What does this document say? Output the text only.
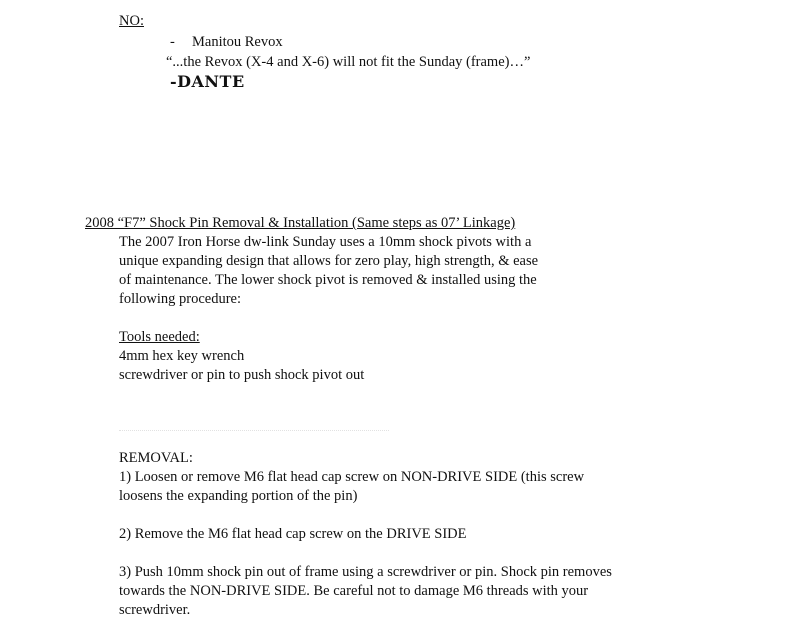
NO:
- Manitou Revox
“...the Revox (X-4 and X-6) will not fit the Sunday (frame)…”
-DANTE
2008 “F7” Shock Pin Removal & Installation (Same steps as 07’ Linkage)
The 2007 Iron Horse dw-link Sunday uses a 10mm shock pivots with a
unique expanding design that allows for zero play, high strength, & ease
of maintenance. The lower shock pivot is removed & installed using the
following procedure:
Tools needed:
4mm hex key wrench
screwdriver or pin to push shock pivot out
REMOVAL:
1) Loosen or remove M6 flat head cap screw on NON-DRIVE SIDE (this screw
loosens the expanding portion of the pin)
2) Remove the M6 flat head cap screw on the DRIVE SIDE
3) Push 10mm shock pin out of frame using a screwdriver or pin. Shock pin removes
towards the NON-DRIVE SIDE. Be careful not to damage M6 threads with your
screwdriver.
